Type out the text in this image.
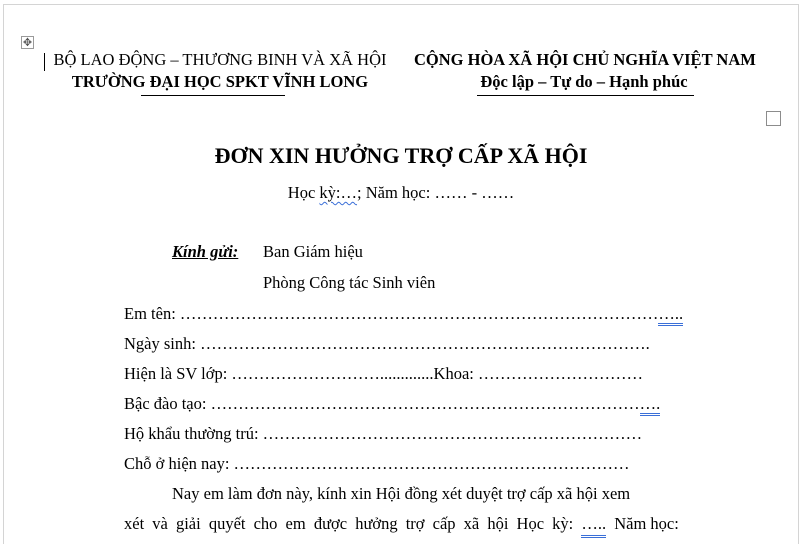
✥
BỘ LAO ĐỘNG – THƯƠNG BINH VÀ XÃ HỘI
TRƯỜNG ĐẠI HỌC SPKT VĨNH LONG
CỘNG HÒA XÃ HỘI CHỦ NGHĨA VIỆT NAM
Độc lập – Tự do – Hạnh phúc
ĐƠN XIN HƯỞNG TRỢ CẤP XÃ HỘI
Học kỳ:…; Năm học: …… - ……
Kính gửi: Ban Giám hiệu
Phòng Công tác Sinh viên
Em tên: ………………………………………………………………………………..
Ngày sinh: ……………………………………………………………………….
Hiện là SV lớp: ……………………….............Khoa: …………………………
Bậc đào tạo: ……………………………………………………………………….
Hộ khẩu thường trú: ……………………………………………………………
Chỗ ở hiện nay: ………………………………………………………………
Nay em làm đơn này, kính xin Hội đồng xét duyệt trợ cấp xã hội xem
xét và giải quyết cho em được hưởng trợ cấp xã hội Học kỳ: ….. Năm học:
